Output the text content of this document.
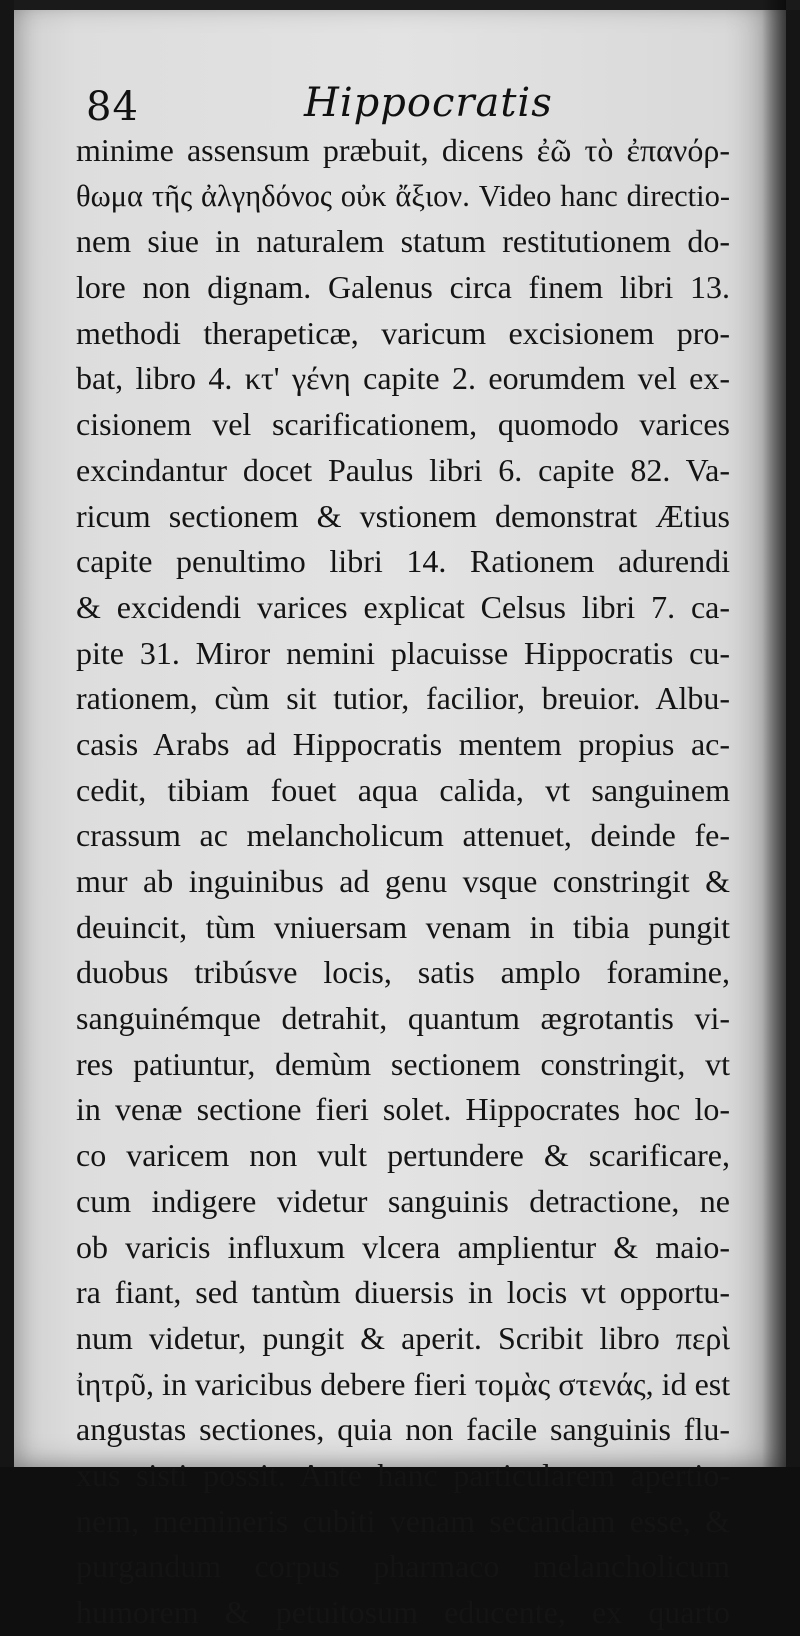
84	Hippocratis
minime assensum præbuit, dicens ἐῶ τὸ ἐπανόρ-
θωμα τῆς ἀλγηδόνος οὐκ ἄξιον. Video hanc directio-
nem siue in naturalem statum restitutionem do-
lore non dignam. Galenus circa finem libri 13.
methodi therapeticæ, varicum excisionem pro-
bat, libro 4. κτ' γένη capite 2. eorumdem vel ex-
cisionem vel scarificationem, quomodo varices
excindantur docet Paulus libri 6. capite 82. Va-
ricum sectionem & vstionem demonstrat Ætius
capite penultimo libri 14. Rationem adurendi
& excidendi varices explicat Celsus libri 7. ca-
pite 31. Miror nemini placuisse Hippocratis cu-
rationem, cùm sit tutior, facilior, breuior. Albu-
casis Arabs ad Hippocratis mentem propius ac-
cedit, tibiam fouet aqua calida, vt sanguinem
crassum ac melancholicum attenuet, deinde fe-
mur ab inguinibus ad genu vsque constringit &
deuincit, tùm vniuersam venam in tibia pungit
duobus tribúsve locis, satis amplo foramine,
sanguinémque detrahit, quantum ægrotantis vi-
res patiuntur, demùm sectionem constringit, vt
in venæ sectione fieri solet. Hippocrates hoc lo-
co varicem non vult pertundere & scarificare,
cum indigere videtur sanguinis detractione, ne
ob varicis influxum vlcera amplientur & maio-
ra fiant, sed tantùm diuersis in locis vt opportu-
num videtur, pungit & aperit. Scribit libro περὶ
ἰητρῦ, in varicibus debere fieri τομὰς στενάς, id est
angustas sectiones, quia non facile sanguinis flu-
xus sisti possit. Ante hanc particularem apertio-
nem, memineris cubiti venam secandam esse, &
purgandum corpus pharmaco melancholicum
humorem & petuitosum educente, ex quarto
